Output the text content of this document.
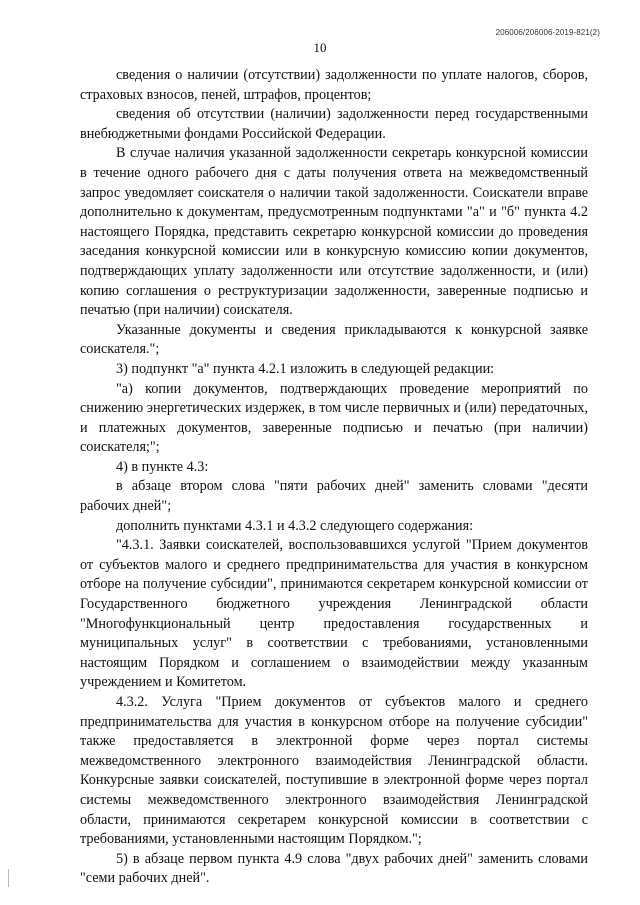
206006/206006-2019-821(2)
10

сведения о наличии (отсутствии) задолженности по уплате налогов, сборов, страховых взносов, пеней, штрафов, процентов;

сведения об отсутствии (наличии) задолженности перед государственными внебюджетными фондами Российской Федерации.

В случае наличия указанной задолженности секретарь конкурсной комиссии в течение одного рабочего дня с даты получения ответа на межведомственный запрос уведомляет соискателя о наличии такой задолженности. Соискатели вправе дополнительно к документам, предусмотренным подпунктами "а" и "б" пункта 4.2 настоящего Порядка, представить секретарю конкурсной комиссии до проведения заседания конкурсной комиссии или в конкурсную комиссию копии документов, подтверждающих уплату задолженности или отсутствие задолженности, и (или) копию соглашения о реструктуризации задолженности, заверенные подписью и печатью (при наличии) соискателя.

Указанные документы и сведения прикладываются к конкурсной заявке соискателя.";

3) подпункт "а" пункта 4.2.1 изложить в следующей редакции:

"а) копии документов, подтверждающих проведение мероприятий по снижению энергетических издержек, в том числе первичных и (или) передаточных, и платежных документов, заверенные подписью и печатью (при наличии) соискателя;";

4) в пункте 4.3:

в абзаце втором слова "пяти рабочих дней" заменить словами "десяти рабочих дней";

дополнить пунктами 4.3.1 и 4.3.2 следующего содержания:

"4.3.1. Заявки соискателей, воспользовавшихся услугой "Прием документов от субъектов малого и среднего предпринимательства для участия в конкурсном отборе на получение субсидии", принимаются секретарем конкурсной комиссии от Государственного бюджетного учреждения Ленинградской области "Многофункциональный центр предоставления государственных и муниципальных услуг" в соответствии с требованиями, установленными настоящим Порядком и соглашением о взаимодействии между указанным учреждением и Комитетом.

4.3.2. Услуга "Прием документов от субъектов малого и среднего предпринимательства для участия в конкурсном отборе на получение субсидии" также предоставляется в электронной форме через портал системы межведомственного электронного взаимодействия Ленинградской области. Конкурсные заявки соискателей, поступившие в электронной форме через портал системы межведомственного электронного взаимодействия Ленинградской области, принимаются секретарем конкурсной комиссии в соответствии с требованиями, установленными настоящим Порядком.";

5) в абзаце первом пункта 4.9 слова "двух рабочих дней" заменить словами "семи рабочих дней".
